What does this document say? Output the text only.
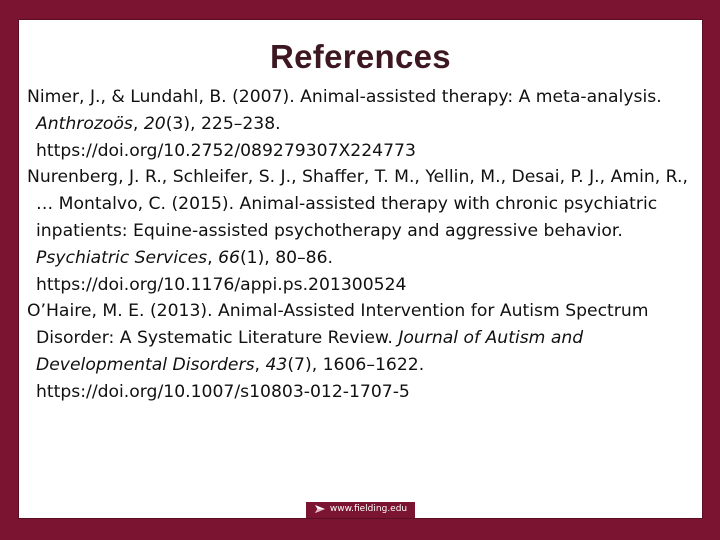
References
Nimer, J., & Lundahl, B. (2007). Animal-assisted therapy: A meta-analysis. Anthrozoös, 20(3), 225–238.
https://doi.org/10.2752/089279307X224773
Nurenberg, J. R., Schleifer, S. J., Shaffer, T. M., Yellin, M., Desai, P. J., Amin, R., … Montalvo, C. (2015). Animal-assisted therapy with chronic psychiatric inpatients: Equine-assisted psychotherapy and aggressive behavior. Psychiatric Services, 66(1), 80–86.
https://doi.org/10.1176/appi.ps.201300524
O’Haire, M. E. (2013). Animal-Assisted Intervention for Autism Spectrum Disorder: A Systematic Literature Review. Journal of Autism and Developmental Disorders, 43(7), 1606–1622.
https://doi.org/10.1007/s10803-012-1707-5
www.fielding.edu
